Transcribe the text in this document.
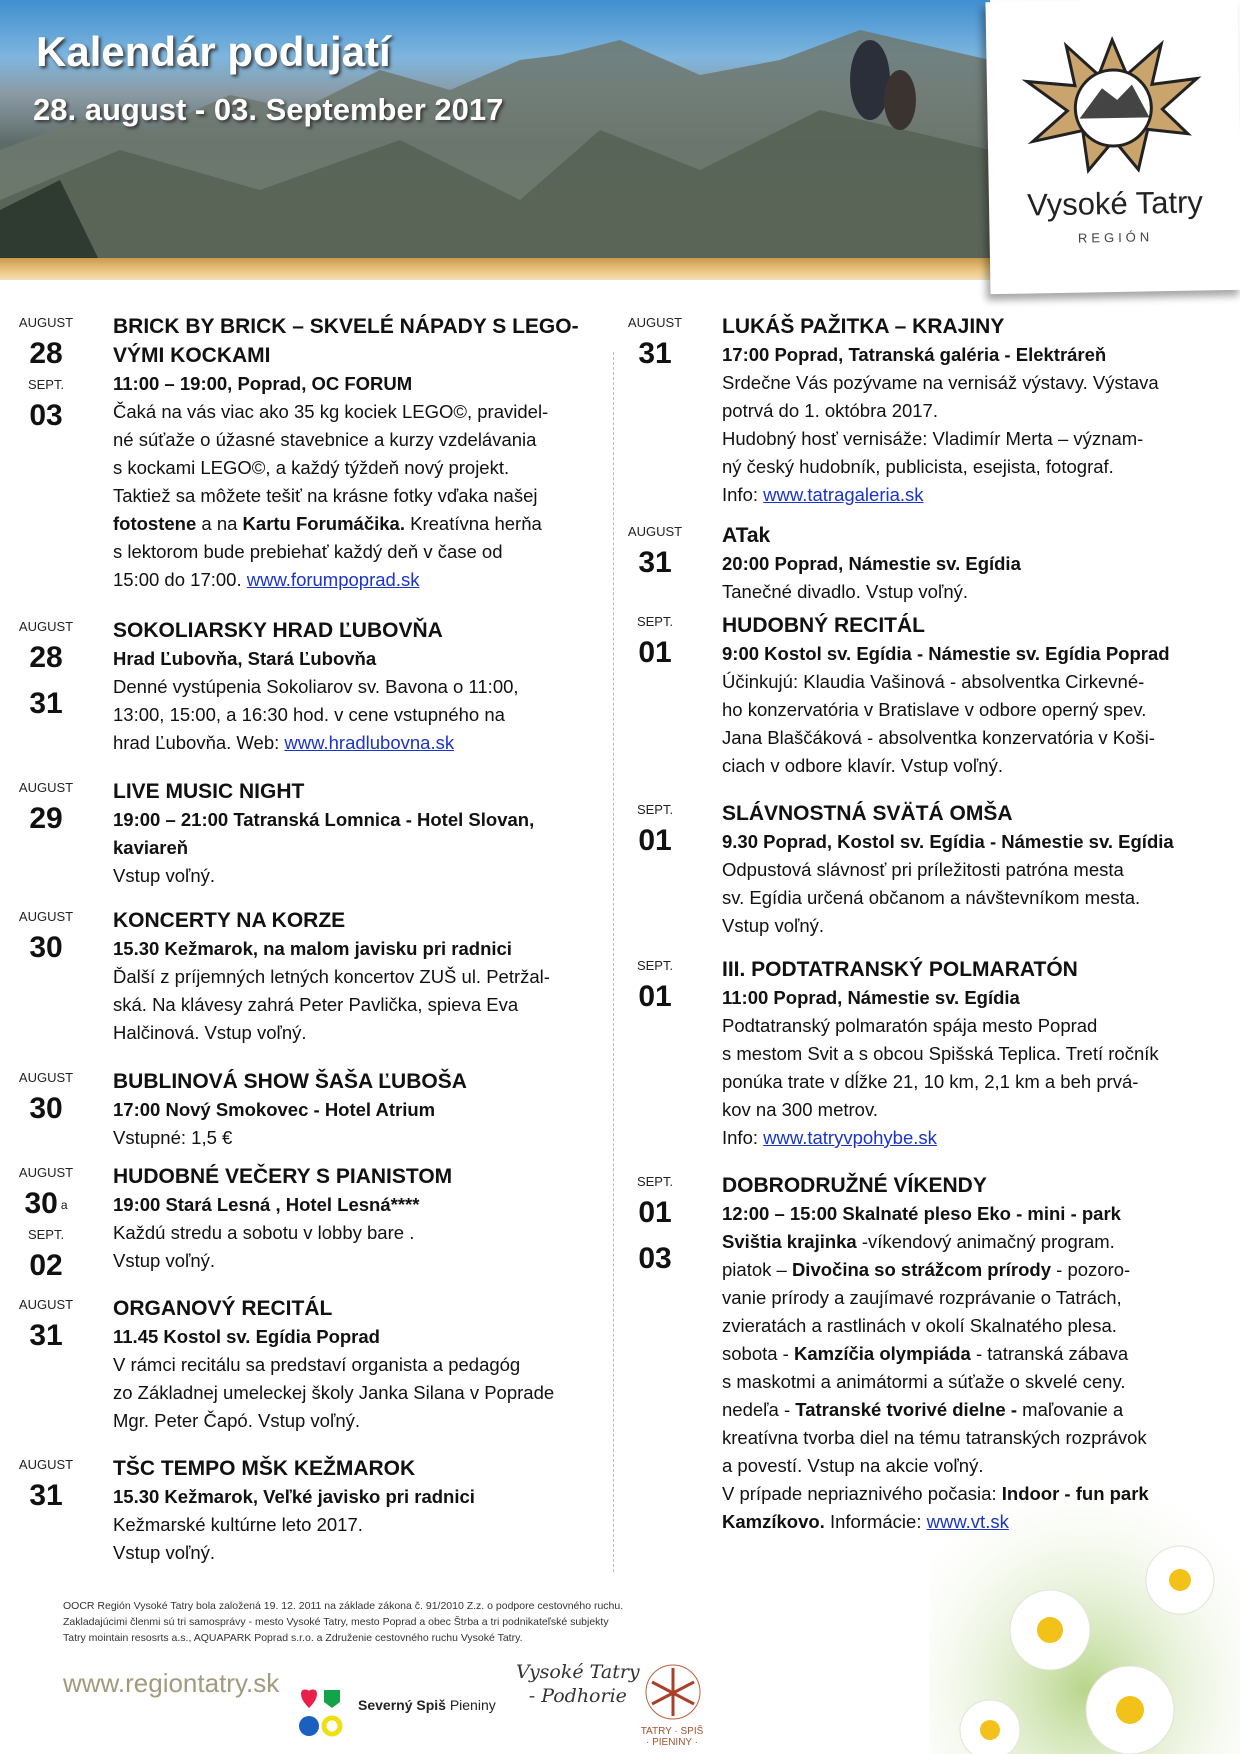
Kalendár podujatí
28. august - 03. September 2017
Vysoké Tatry
REGIÓN
AUGUST
28
SEPT.
03
BRICK BY BRICK – SKVELÉ NÁPADY S LEGO-
VÝMI KOCKAMI
11:00 – 19:00, Poprad, OC FORUM
Čaká na vás viac ako 35 kg kociek LEGO©, pravidel-
né súťaže o úžasné stavebnice a kurzy vzdelávania
s kockami LEGO©, a každý týždeň nový projekt.
Taktiež sa môžete tešiť na krásne fotky vďaka našej
fotostene a na Kartu Forumáčika. Kreatívna herňa
s lektorom bude prebiehať každý deň v čase od
15:00 do 17:00. www.forumpoprad.sk
AUGUST
28
31
SOKOLIARSKY HRAD ĽUBOVŇA
Hrad Ľubovňa, Stará Ľubovňa
Denné vystúpenia Sokoliarov sv. Bavona o 11:00,
13:00, 15:00, a 16:30 hod. v cene vstupného na
hrad Ľubovňa. Web: www.hradlubovna.sk
AUGUST
29
LIVE MUSIC NIGHT
19:00 – 21:00 Tatranská Lomnica - Hotel Slovan,
kaviareň
Vstup voľný.
AUGUST
30
KONCERTY NA KORZE
15.30 Kežmarok, na malom javisku pri radnici
Ďalší z príjemných letných koncertov ZUŠ ul. Petržal-
ská. Na klávesy zahrá Peter Pavlička, spieva Eva
Halčinová. Vstup voľný.
AUGUST
30
BUBLINOVÁ SHOW ŠAŠA ĽUBOŠA
17:00 Nový Smokovec - Hotel Atrium
Vstupné: 1,5 €
AUGUST
30 a
SEPT.
02
HUDOBNÉ VEČERY S PIANISTOM
19:00 Stará Lesná , Hotel Lesná****
Každú stredu a sobotu v lobby bare .
Vstup voľný.
AUGUST
31
ORGANOVÝ RECITÁL
11.45 Kostol sv. Egídia Poprad
V rámci recitálu sa predstaví organista a pedagóg
zo Základnej umeleckej školy Janka Silana v Poprade
Mgr. Peter Čapó. Vstup voľný.
AUGUST
31
TŠC TEMPO MŠK KEŽMAROK
15.30 Kežmarok, Veľké javisko pri radnici
Kežmarské kultúrne leto 2017.
Vstup voľný.
AUGUST
31
LUKÁŠ PAŽITKA – KRAJINY
17:00 Poprad, Tatranská galéria - Elektráreň
Srdečne Vás pozývame na vernisáž výstavy. Výstava
potrvá do 1. októbra 2017.
Hudobný hosť vernisáže: Vladimír Merta – význam-
ný český hudobník, publicista, esejista, fotograf.
Info: www.tatragaleria.sk
AUGUST
31
ATak
20:00 Poprad, Námestie sv. Egídia
Tanečné divadlo. Vstup voľný.
SEPT.
01
HUDOBNÝ RECITÁL
9:00 Kostol sv. Egídia - Námestie sv. Egídia Poprad
Účinkujú: Klaudia Vašinová - absolventka Cirkevné-
ho konzervatória v Bratislave v odbore operný spev.
Jana Blaščáková - absolventka konzervatória v Koši-
ciach v odbore klavír. Vstup voľný.
SEPT.
01
SLÁVNOSTNÁ SVÄTÁ OMŠA
9.30 Poprad, Kostol sv. Egídia - Námestie sv. Egídia
Odpustová slávnosť pri príležitosti patróna mesta
sv. Egídia určená občanom a návštevníkom mesta.
Vstup voľný.
SEPT.
01
III. PODTATRANSKÝ POLMARATÓN
11:00 Poprad, Námestie sv. Egídia
Podtatranský polmaratón spája mesto Poprad
s mestom Svit a s obcou Spišská Teplica. Tretí ročník
ponúka trate v dĺžke 21, 10 km, 2,1 km a beh prvá-
kov na 300 metrov.
Info: www.tatryvpohybe.sk
SEPT.
01
03
DOBRODRUŽNÉ VÍKENDY
12:00 – 15:00 Skalnaté pleso Eko - mini - park
Svištia krajinka -víkendový animačný program.
piatok – Divočina so strážcom prírody - pozoro-
vanie prírody a zaujímavé rozprávanie o Tatrách,
zvieratách a rastlinách v okolí Skalnatého plesa.
sobota - Kamzíčia olympiáda - tatranská zábava
s maskotmi a animátormi a súťaže o skvelé ceny.
nedeľa - Tatranské tvorivé dielne - maľovanie a
kreatívna tvorba diel na tému tatranských rozprávok
a povestí. Vstup na akcie voľný.
V prípade nepriaznivého počasia: Indoor - fun park
Kamzíkovo. Informácie: www.vt.sk
OOCR Región Vysoké Tatry bola založená 19. 12. 2011 na základe zákona č. 91/2010 Z.z. o podpore cestovného ruchu.
Zakladajúcimi členmi sú tri samosprávy - mesto Vysoké Tatry, mesto Poprad a obec Štrba a tri podnikateľské subjekty
Tatry mointain resosrts a.s., AQUAPARK Poprad s.r.o. a Združenie cestovného ruchu Vysoké Tatry.
www.regiontatry.sk
Severný Spiš Pieniny
Vysoké Tatry
- Podhorie
TATRY · SPIŠ
· PIENINY ·
